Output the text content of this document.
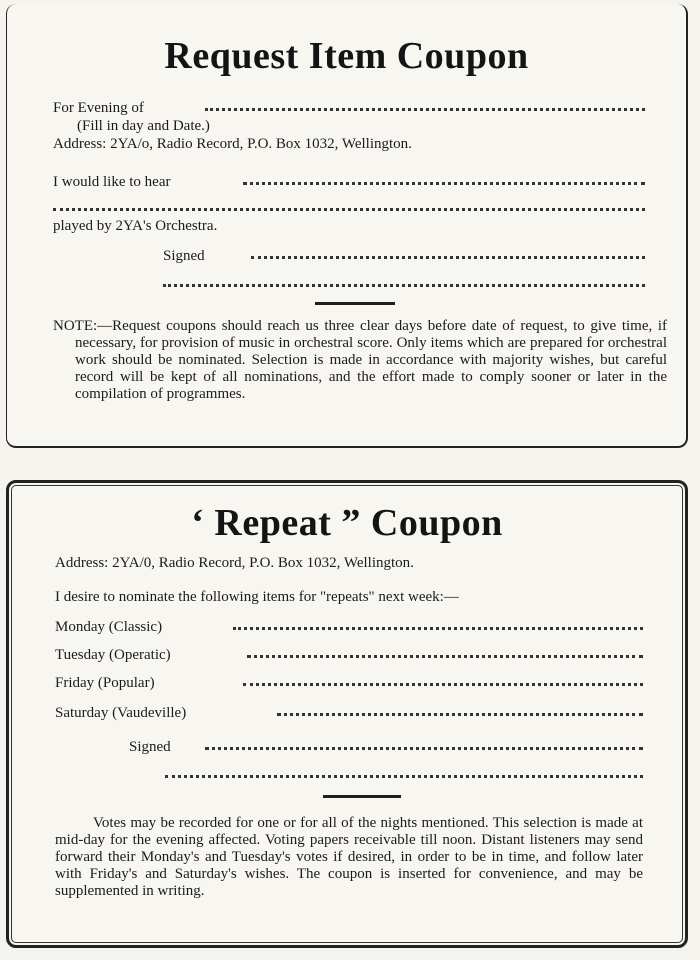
Request Item Coupon
For Evening of
(Fill in day and Date.)
Address: 2YA/o, Radio Record, P.O. Box 1032, Wellington.
I would like to hear
played by 2YA's Orchestra.
Signed
NOTE:—Request coupons should reach us three clear days before date of request, to give time, if necessary, for provision of music in orchestral score. Only items which are prepared for orchestral work should be nominated. Selection is made in accordance with majority wishes, but careful record will be kept of all nominations, and the effort made to comply sooner or later in the compilation of programmes.
‘ Repeat ” Coupon
Address: 2YA/0, Radio Record, P.O. Box 1032, Wellington.
I desire to nominate the following items for "repeats" next week:—
Monday (Classic)
Tuesday (Operatic)
Friday (Popular)
Saturday (Vaudeville)
Signed
Votes may be recorded for one or for all of the nights mentioned. This selection is made at mid-day for the evening affected. Voting papers receivable till noon. Distant listeners may send forward their Monday's and Tuesday's votes if desired, in order to be in time, and follow later with Friday's and Saturday's wishes. The coupon is inserted for convenience, and may be supplemented in writing.
